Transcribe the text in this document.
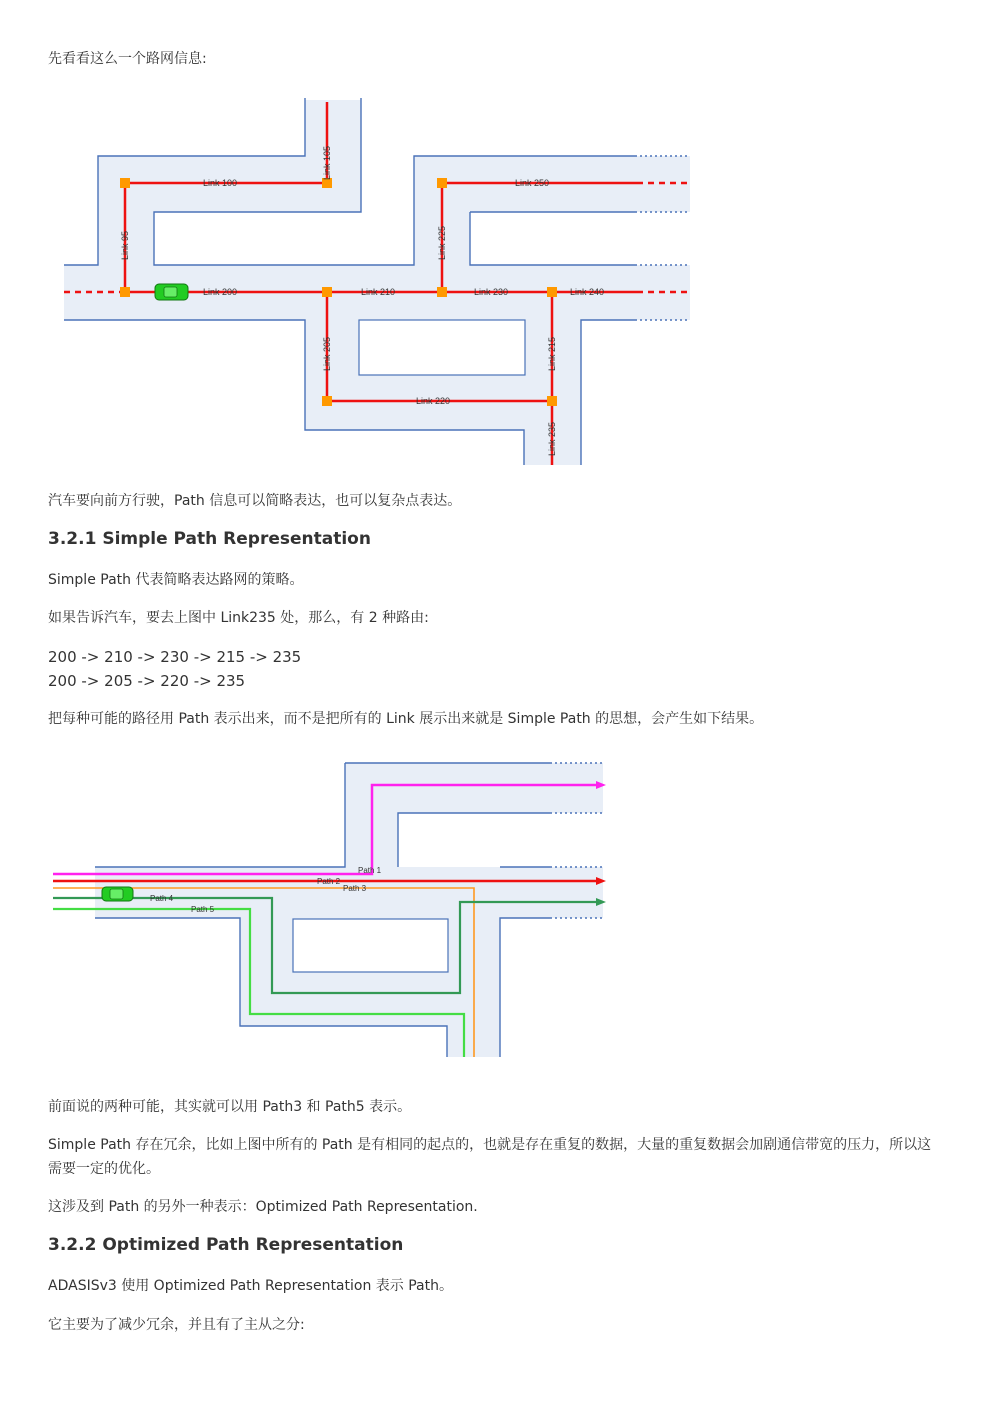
先看看这么一个路网信息:

Link 100
Link 105
Link 250
Link 95	Link 225
Link 200	Link 210	Link 230	Link 240
Link 205	Link 215
Link 220
Link 235

汽车要向前方行驶，Path 信息可以简略表达，也可以复杂点表达。

3.2.1 Simple Path Representation

Simple Path 代表简略表达路网的策略。

如果告诉汽车，要去上图中 Link235 处，那么，有 2 种路由:

200 -> 210 -> 230 -> 215 -> 235

200 -> 205 -> 220 -> 235

把每种可能的路径用 Path 表示出来，而不是把所有的 Link 展示出来就是 Simple Path 的思想，会产生如下结果。

Path 1
Path 2
Path 3
Path 4
Path 5

前面说的两种可能，其实就可以用 Path3 和 Path5 表示。

Simple Path 存在冗余，比如上图中所有的 Path 是有相同的起点的，也就是存在重复的数据，大量的重复数据会加剧通信带宽的压力，所以这需要一定的优化。

这涉及到 Path 的另外一种表示：Optimized Path Representation.

3.2.2 Optimized Path Representation

ADASISv3 使用 Optimized Path Representation 表示 Path。

它主要为了减少冗余，并且有了主从之分:
